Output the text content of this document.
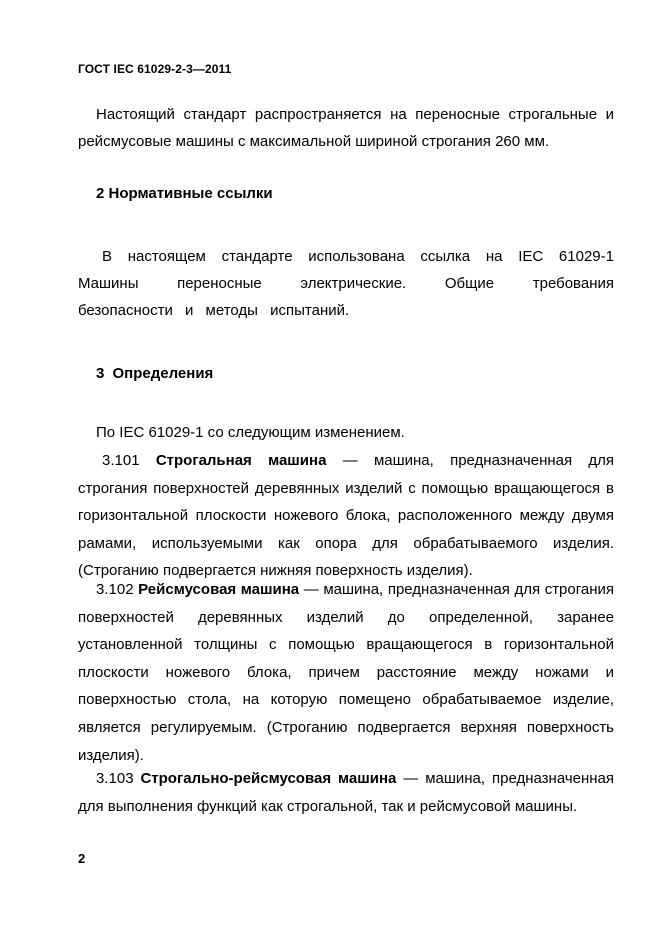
ГОСТ IEC 61029-2-3—2011

Настоящий стандарт распространяется на переносные строгальные и рейсмусовые машины с максимальной шириной строгания 260 мм.

2 Нормативные ссылки

В настоящем стандарте использована ссылка на IEC 61029-1 Машины переносные электрические. Общие требования безопасности и методы испытаний.

3 Определения

По IEC 61029-1 со следующим изменением.

3.101 Строгальная машина — машина, предназначенная для строгания поверхностей деревянных изделий с помощью вращающегося в горизонтальной плоскости ножевого блока, расположенного между двумя рамами, используемыми как опора для обрабатываемого изделия.(Строганию подвергается нижняя поверхность изделия).

3.102 Рейсмусовая машина — машина, предназначенная для строгания поверхностей деревянных изделий до определенной, заранее установленной толщины с помощью вращающегося в горизонтальной плоскости ножевого блока, причем расстояние между ножами и поверхностью стола, на которую помещено обрабатываемое изделие, является регулируемым. (Строганию подвергается верхняя поверхность изделия).

3.103 Строгально-рейсмусовая машина — машина, предназначенная для выполнения функций как строгальной, так и рейсмусовой машины.

2
